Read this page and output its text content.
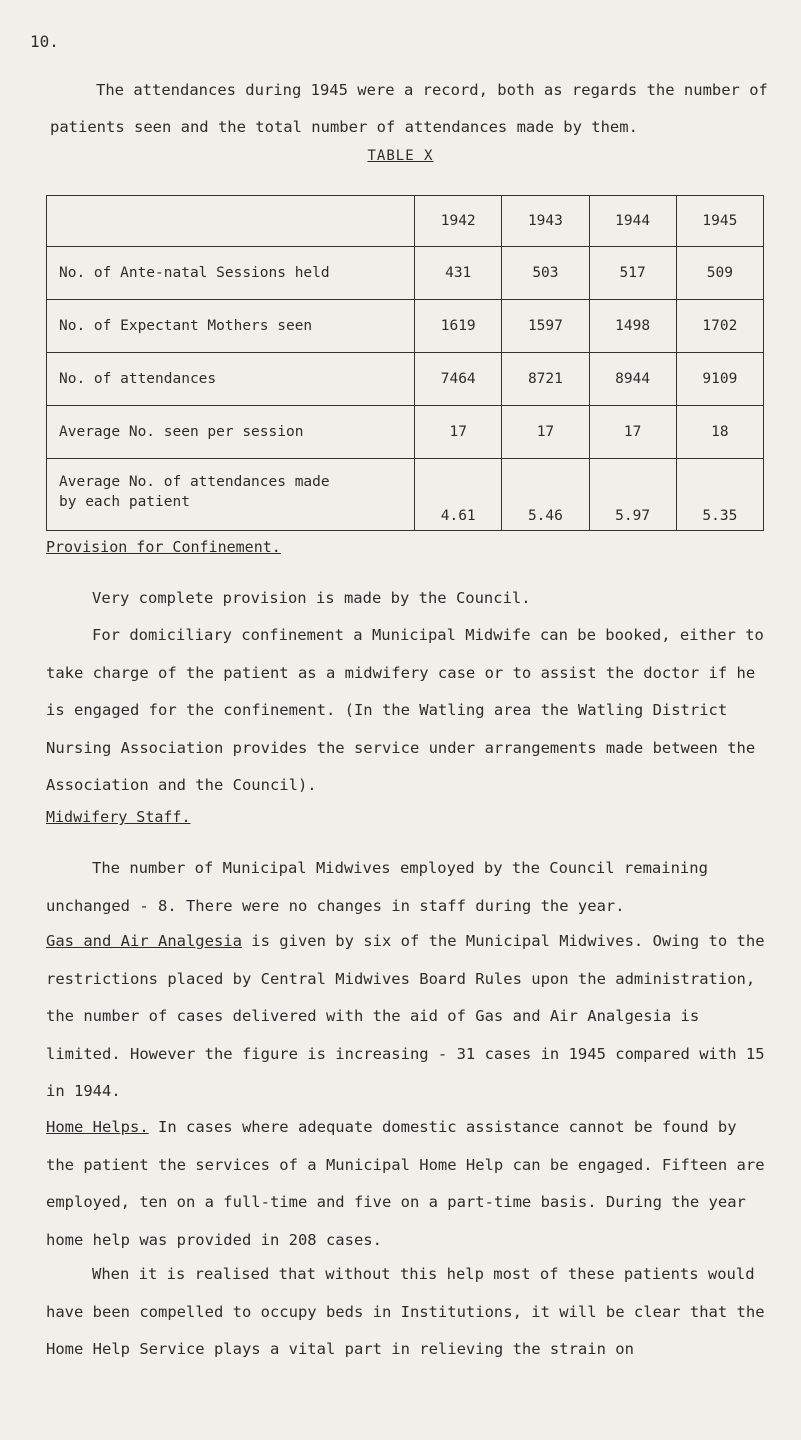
10.

The attendances during 1945 were a record, both as regards the number of patients seen and the total number of attendances made by them.

TABLE X
	1942	1943	1944	1945
No. of Ante-natal Sessions held	431	503	517	509
No. of Expectant Mothers seen	1619	1597	1498	1702
No. of attendances	7464	8721	8944	9109
Average No. seen per session	17	17	17	18

Average No. of attendances made
by each patient	4.61	5.46	5.97	5.35
Provision for Confinement.

Very complete provision is made by the Council.

For domiciliary confinement a Municipal Midwife can be booked, either to take charge of the patient as a midwifery case or to assist the doctor if he is engaged for the confinement. (In the Watling area the Watling District Nursing Association provides the service under arrangements made between the Association and the Council).

Midwifery Staff.

The number of Municipal Midwives employed by the Council remaining unchanged - 8. There were no changes in staff during the year.

Gas and Air Analgesia is given by six of the Municipal Midwives. Owing to the restrictions placed by Central Midwives Board Rules upon the administration, the number of cases delivered with the aid of Gas and Air Analgesia is limited. However the figure is increasing - 31 cases in 1945 compared with 15 in 1944.

Home Helps. In cases where adequate domestic assistance cannot be found by the patient the services of a Municipal Home Help can be engaged. Fifteen are employed, ten on a full-time and five on a part-time basis. During the year home help was provided in 208 cases.

When it is realised that without this help most of these patients would have been compelled to occupy beds in Institutions, it will be clear that the Home Help Service plays a vital part in relieving the strain on
